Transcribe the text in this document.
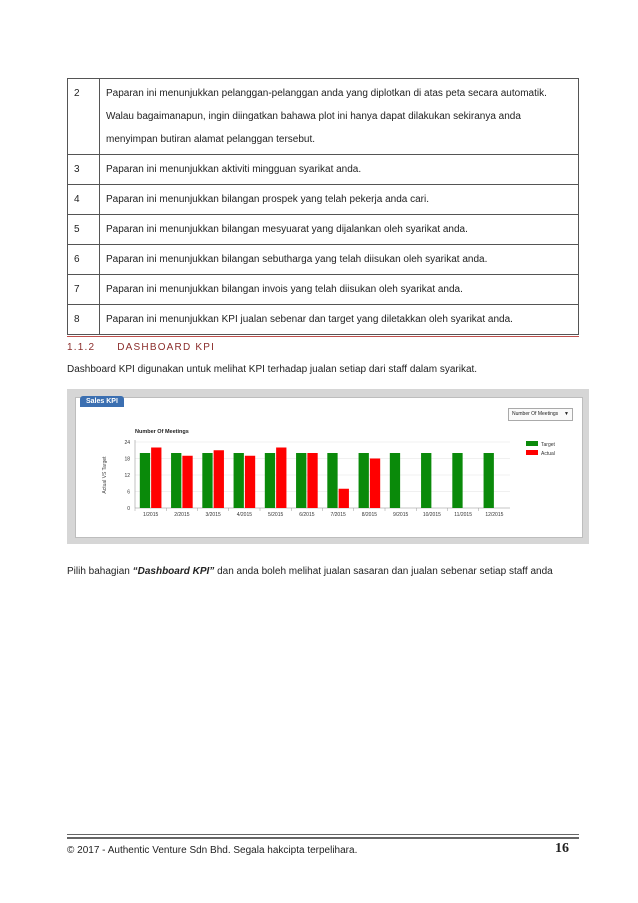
2	Paparan ini menunjukkan pelanggan-pelanggan anda yang diplotkan di atas peta secara automatik. Walau bagaimanapun, ingin diingatkan bahawa plot ini hanya dapat dilakukan sekiranya anda menyimpan butiran alamat pelanggan tersebut.
3	Paparan ini menunjukkan aktiviti mingguan syarikat anda.
4	Paparan ini menunjukkan bilangan prospek yang telah pekerja anda cari.
5	Paparan ini menunjukkan bilangan mesyuarat yang dijalankan oleh syarikat anda.
6	Paparan ini menunjukkan bilangan sebutharga yang telah diisukan oleh syarikat anda.
7	Paparan ini menunjukkan bilangan invois yang telah diisukan oleh syarikat anda.
8	Paparan ini menunjukkan KPI jualan sebenar dan target yang diletakkan oleh syarikat anda.
1.1.2 DASHBOARD KPI
Dashboard KPI digunakan untuk melihat KPI terhadap jualan setiap dari staff dalam syarikat.
Sales KPI
Number Of Meetings ▼
Number Of Meetings
Actual VS Target
0
6
12
18
24
1/2015	2/2015	3/2015	4/2015	5/2015	6/2015	7/2015	8/2015	9/2015	10/2015	11/2015	12/2015
Target
Actual
Pilih bahagian “Dashboard KPI” dan anda boleh melihat jualan sasaran dan jualan sebenar setiap staff anda
© 2017 - Authentic Venture Sdn Bhd. Segala hakcipta terpelihara.	16
